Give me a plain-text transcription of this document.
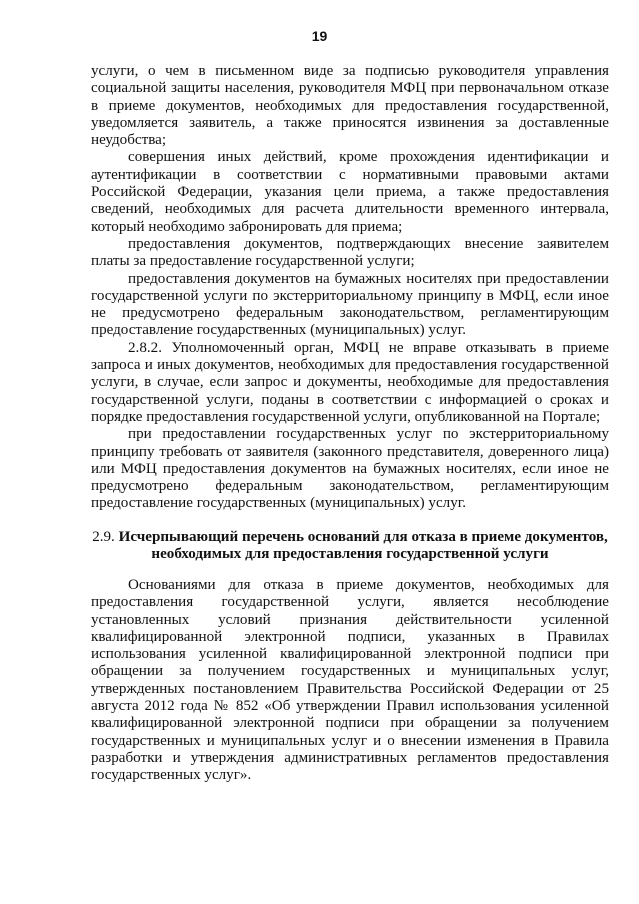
19

услуги, о чем в письменном виде за подписью руководителя управления социальной защиты населения, руководителя МФЦ при первоначальном отказе в приеме документов, необходимых для предоставления государственной, уведомляется заявитель, а также приносятся извинения за доставленные неудобства;

совершения иных действий, кроме прохождения идентификации и аутентификации в соответствии с нормативными правовыми актами Российской Федерации, указания цели приема, а также предоставления сведений, необходимых для расчета длительности временного интервала, который необходимо забронировать для приема;

предоставления документов, подтверждающих внесение заявителем платы за предоставление государственной услуги;

предоставления документов на бумажных носителях при предоставлении государственной услуги по экстерриториальному принципу в МФЦ, если иное не предусмотрено федеральным законодательством, регламентирующим предоставление государственных (муниципальных) услуг.

2.8.2. Уполномоченный орган, МФЦ не вправе отказывать в приеме запроса и иных документов, необходимых для предоставления государственной услуги, в случае, если запрос и документы, необходимые для предоставления государственной услуги, поданы в соответствии с информацией о сроках и порядке предоставления государственной услуги, опубликованной на Портале;

при предоставлении государственных услуг по экстерриториальному принципу требовать от заявителя (законного представителя, доверенного лица) или МФЦ предоставления документов на бумажных носителях, если иное не предусмотрено федеральным законодательством, регламентирующим предоставление государственных (муниципальных) услуг.

2.9. Исчерпывающий перечень оснований для отказа в приеме документов, необходимых для предоставления государственной услуги

Основаниями для отказа в приеме документов, необходимых для предоставления государственной услуги, является несоблюдение установленных условий признания действительности усиленной квалифицированной электронной подписи, указанных в Правилах использования усиленной квалифицированной электронной подписи при обращении за получением государственных и муниципальных услуг, утвержденных постановлением Правительства Российской Федерации от 25 августа 2012 года № 852 «Об утверждении Правил использования усиленной квалифицированной электронной подписи при обращении за получением государственных и муниципальных услуг и о внесении изменения в Правила разработки и утверждения административных регламентов предоставления государственных услуг».
